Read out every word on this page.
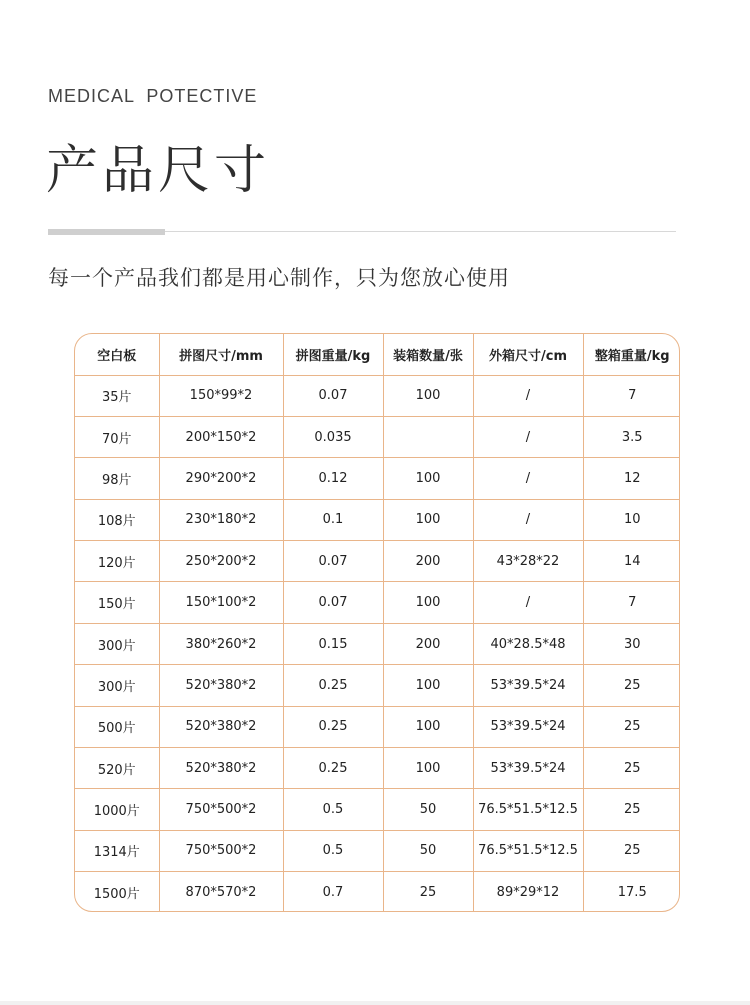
MEDICAL  POTECTIVE
产品尺寸
每一个产品我们都是用心制作，只为您放心使用
空白板	拼图尺寸/mm	拼图重量/kg	装箱数量/张	外箱尺寸/cm	整箱重量/kg
35片	150*99*2	0.07	100	/	7
70片	200*150*2	0.035		/	3.5
98片	290*200*2	0.12	100	/	12
108片	230*180*2	0.1	100	/	10
120片	250*200*2	0.07	200	43*28*22	14
150片	150*100*2	0.07	100	/	7
300片	380*260*2	0.15	200	40*28.5*48	30
300片	520*380*2	0.25	100	53*39.5*24	25
500片	520*380*2	0.25	100	53*39.5*24	25
520片	520*380*2	0.25	100	53*39.5*24	25
1000片	750*500*2	0.5	50	76.5*51.5*12.5	25
1314片	750*500*2	0.5	50	76.5*51.5*12.5	25
1500片	870*570*2	0.7	25	89*29*12	17.5
